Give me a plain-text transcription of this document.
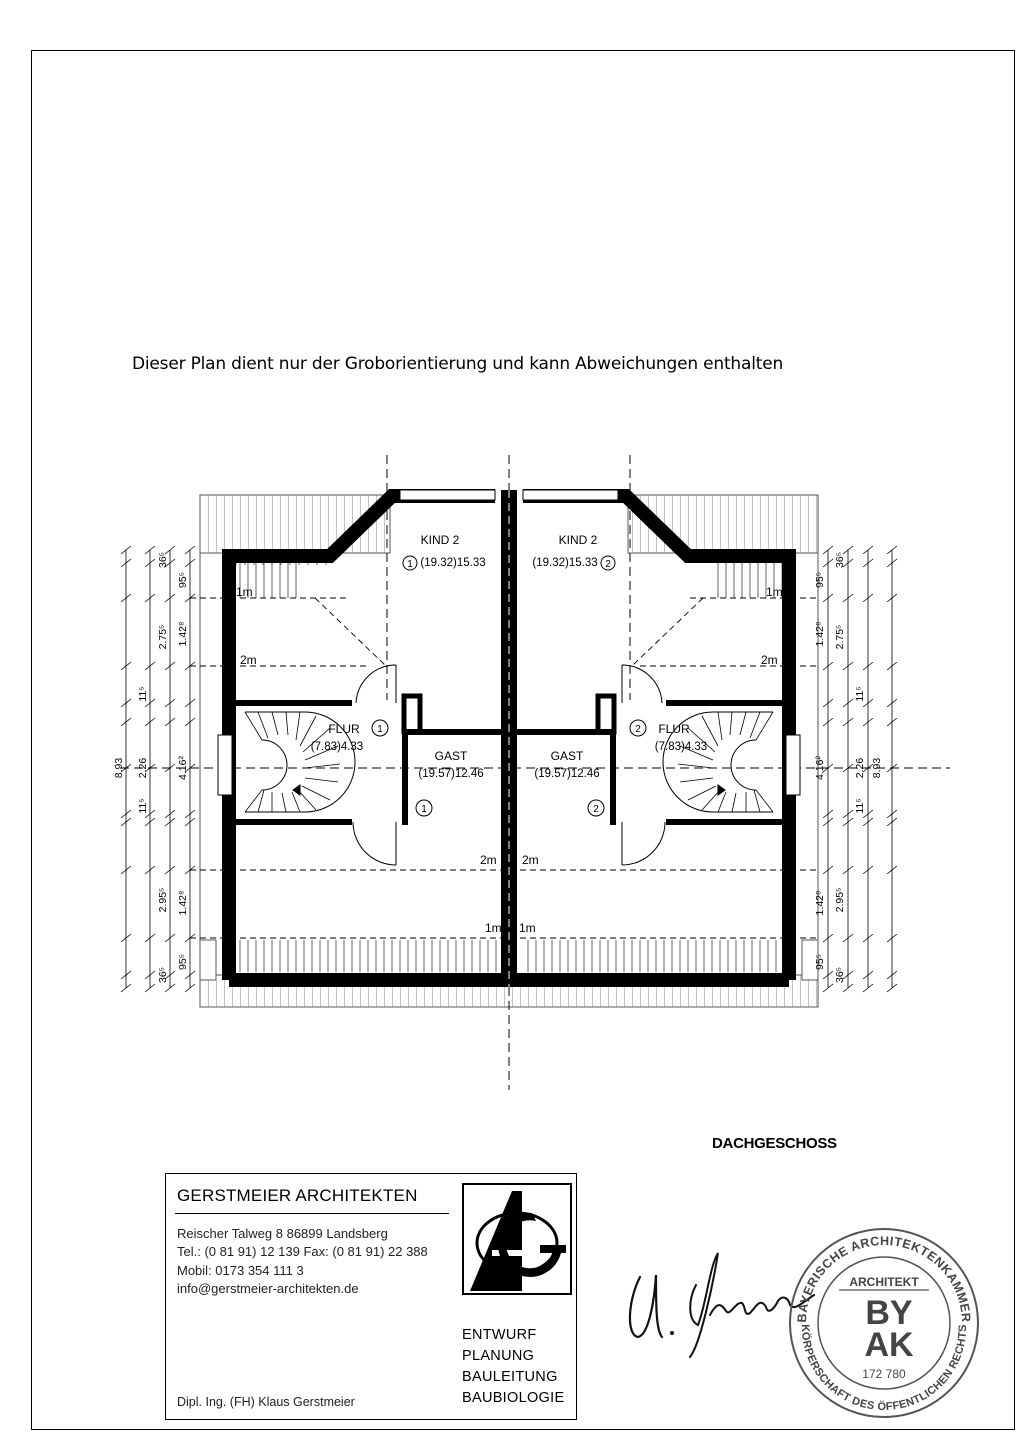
Dieser Plan dient nur der Groborientierung und kann Abweichungen enthalten
KIND 2
(19.32)15.33
1
KIND 2
(19.32)15.33 2
FLUR
(7.83)4.33
1	FLUR
(7.83)4.33
2
GAST
(19.57)12.46
1
GAST
(19.57)12.46
2
1m	1m
2m	2m
2m 2m
1m 1m
8.93
11⁵
2.26
11⁵
36⁵
2.75⁵
2.95⁵
36⁵
95⁵
1.42⁸
4.16²
1.42⁸
95⁵
8.93
11⁵
2.26
11⁵
36⁵
2.75⁵
2.95⁵
36⁵
95⁵
1.42⁸
4.16²
1.42⁸
95⁵
DACHGESCHOSS
GERSTMEIER ARCHITEKTEN
Reischer Talweg 8 86899 Landsberg
Tel.: (0 81 91) 12 139 Fax: (0 81 91) 22 388
Mobil: 0173 354 111 3
info@gerstmeier-architekten.de
ENTWURF
PLANUNG
BAULEITUNG
BAUBIOLOGIE
Dipl. Ing. (FH) Klaus Gerstmeier
BAYERISCHE ARCHITEKTENKAMMER
KÖRPERSCHAFT DES ÖFFENTLICHEN RECHTS
ARCHITEKT
BY
AK
172 780
